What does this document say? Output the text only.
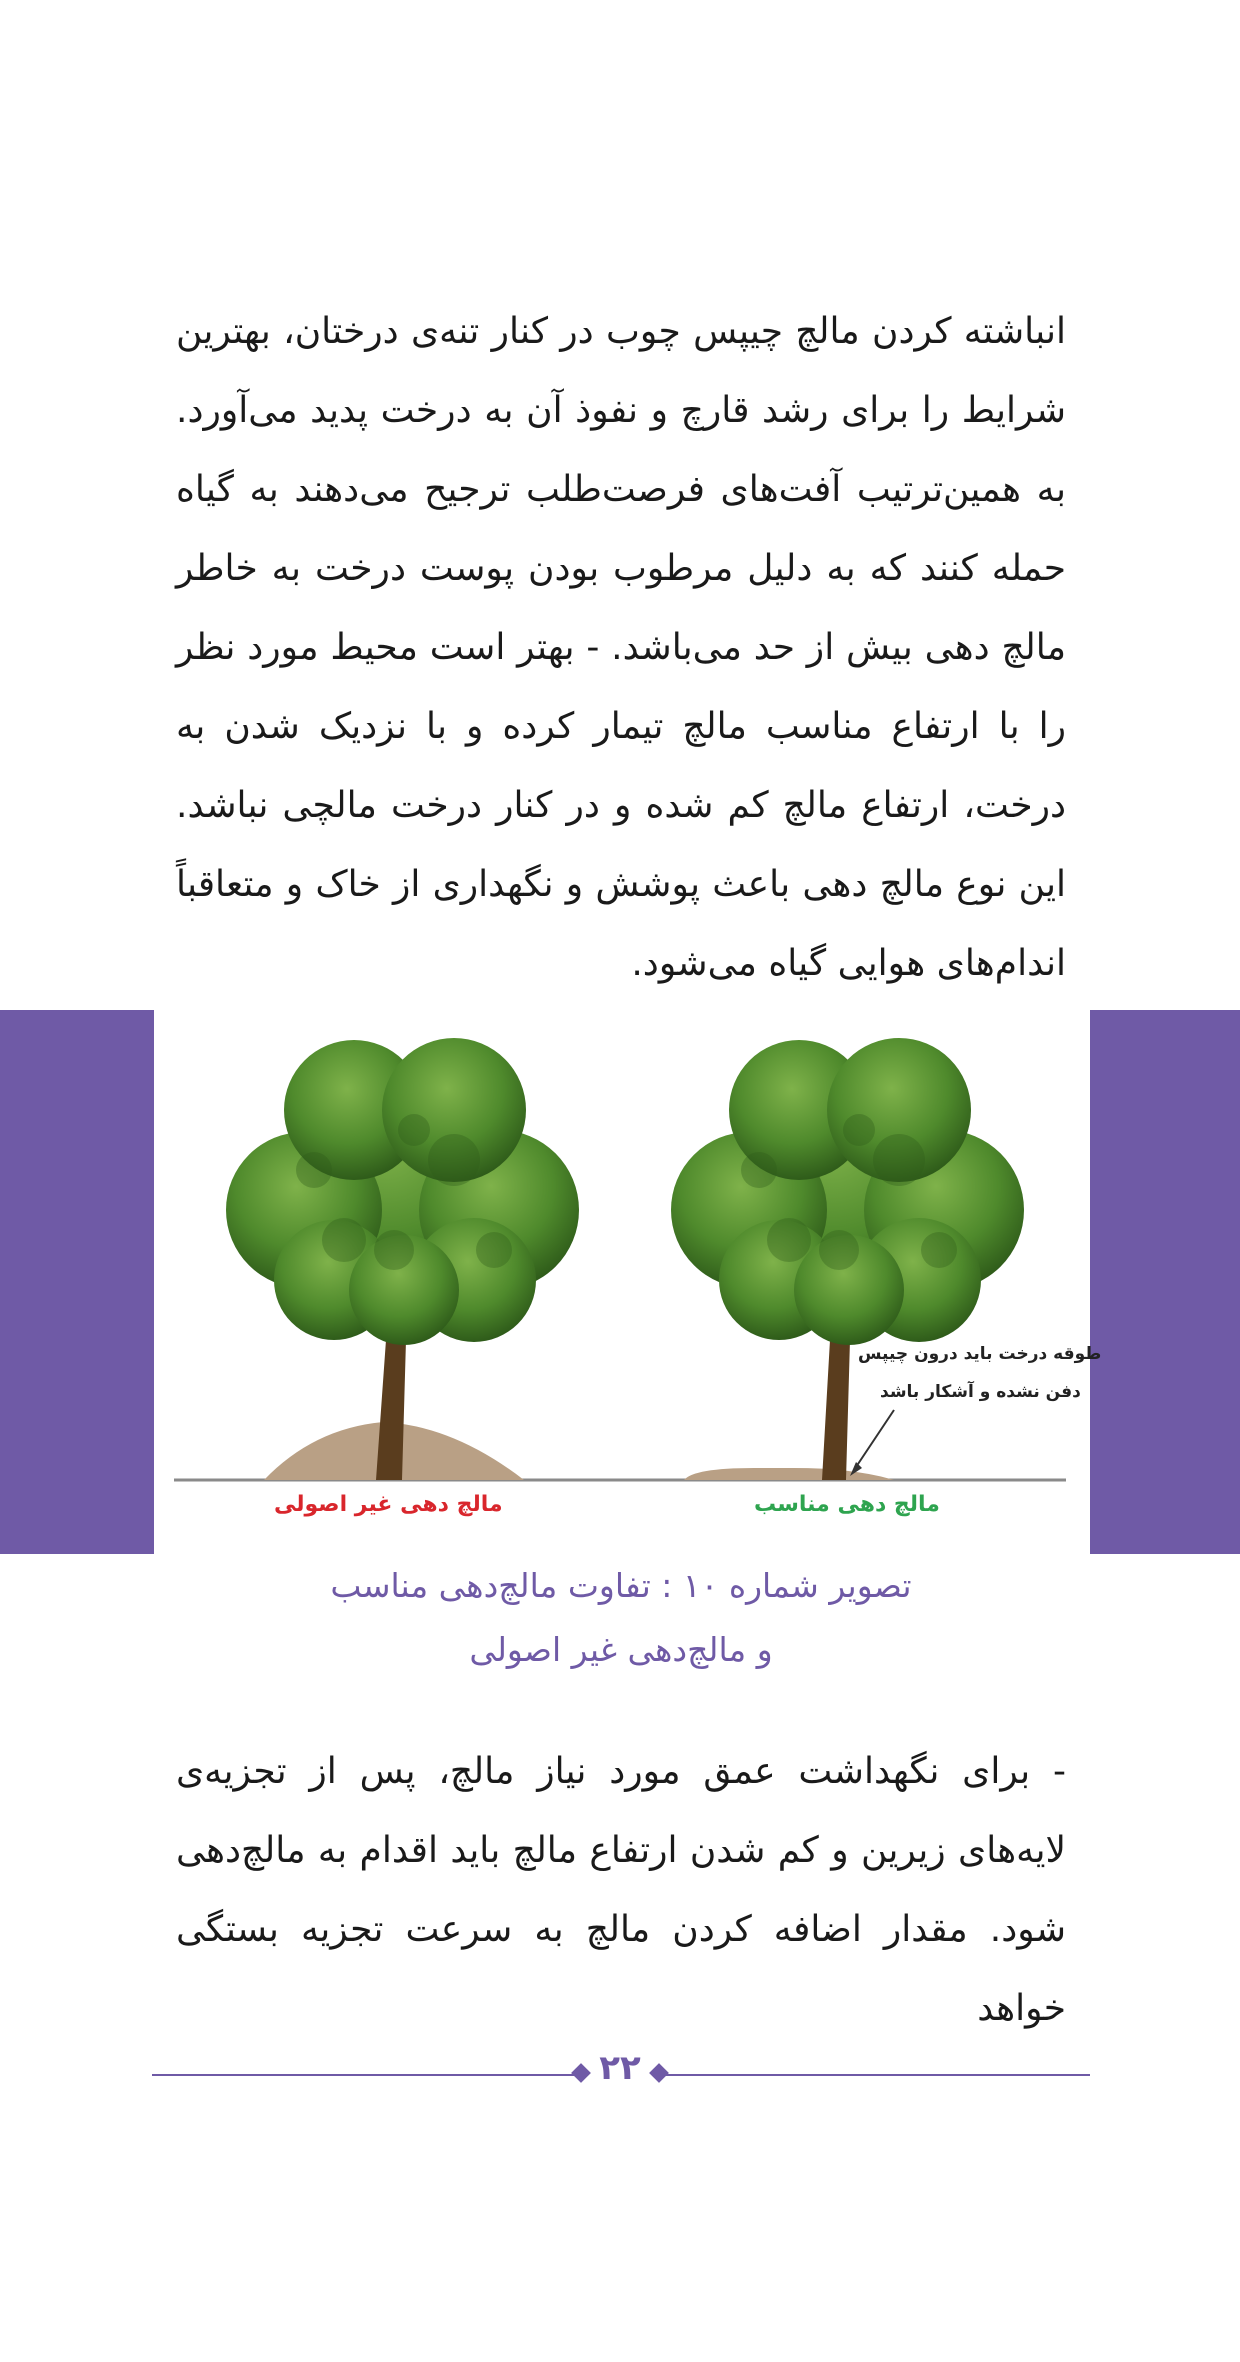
انباشته کردن مالچ چیپس چوب در کنار تنه‌ی درختان، بهترین شرایط را برای رشد قارچ و نفوذ آن به درخت پدید می‌آورد. به همین‌ترتیب آفت‌های فرصت‌طلب ترجیح می‌دهند به گیاه حمله کنند که به دلیل مرطوب بودن پوست درخت به خاطر مالچ دهی بیش از حد می‌باشد. - بهتر است محیط مورد نظر را با ارتفاع مناسب مالچ تیمار کرده و با نزدیک شدن به درخت، ارتفاع مالچ کم شده و در کنار درخت مالچی نباشد. این نوع مالچ دهی باعث پوشش و نگهداری از خاک و متعاقباً اندام‌های هوایی گیاه می‌شود.

مالچ دهی غیر اصولی	مالچ دهی مناسب
طوقه درخت باید درون چیپس
دفن نشده و آشکار باشد

تصویر شماره ۱۰ : تفاوت مالچ‌دهی مناسب

و مالچ‌دهی غیر اصولی

- برای نگهداشت عمق مورد نیاز مالچ، پس از تجزیه‌ی لایه‌های زیرین و کم شدن ارتفاع مالچ باید اقدام به مالچ‌دهی شود. مقدار اضافه کردن مالچ به سرعت تجزیه بستگی خواهد

۲۲
